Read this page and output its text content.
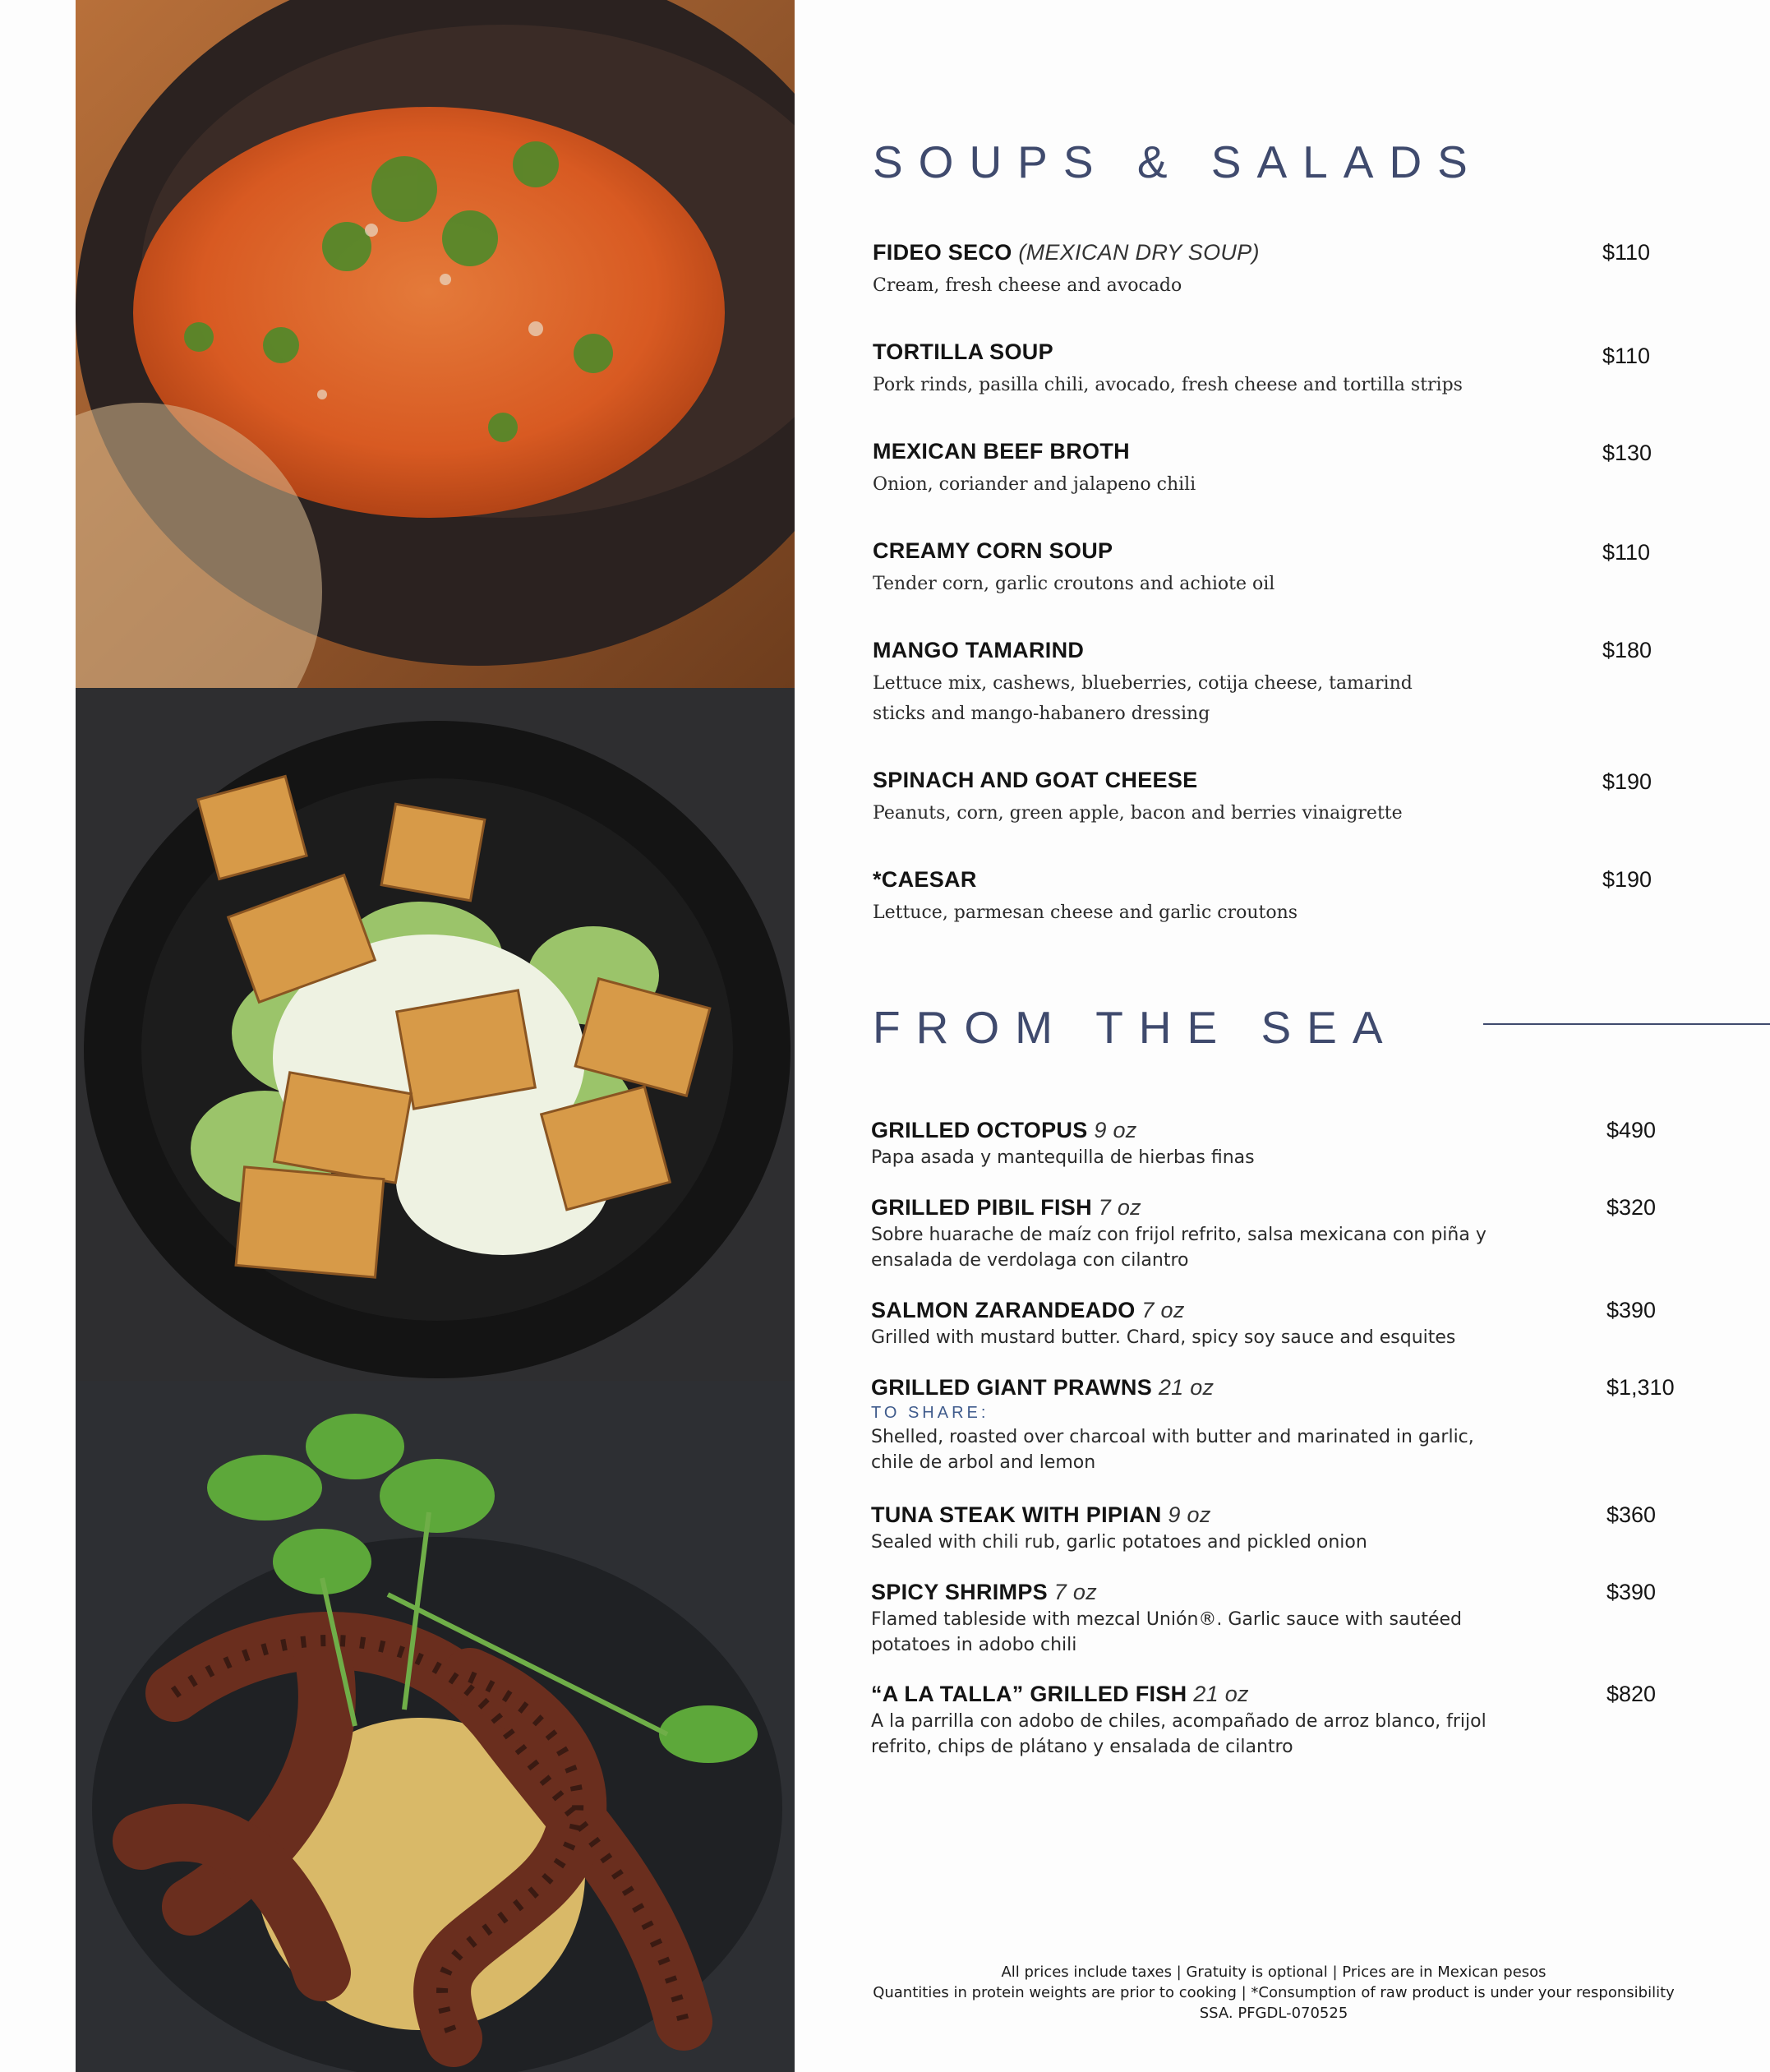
SOUPS & SALADS
FIDEO SECO (MEXICAN DRY SOUP)
Cream, fresh cheese and avocado
$110
TORTILLA SOUP
Pork rinds, pasilla chili, avocado, fresh cheese and tortilla strips
$110
MEXICAN BEEF BROTH
Onion, coriander and jalapeno chili
$130
CREAMY CORN SOUP
Tender corn, garlic croutons and achiote oil
$110
MANGO TAMARIND
Lettuce mix, cashews, blueberries, cotija cheese, tamarind sticks and mango-habanero dressing
$180
SPINACH AND GOAT CHEESE
Peanuts, corn, green apple, bacon and berries vinaigrette
$190
*CAESAR
Lettuce, parmesan cheese and garlic croutons
$190
FROM THE SEA
GRILLED OCTOPUS 9 oz
Papa asada y mantequilla de hierbas finas
$490
GRILLED PIBIL FISH 7 oz
Sobre huarache de maíz con frijol refrito, salsa mexicana con piña y ensalada de verdolaga con cilantro
$320
SALMON ZARANDEADO 7 oz
Grilled with mustard butter. Chard, spicy soy sauce and esquites
$390
GRILLED GIANT PRAWNS 21 oz
TO SHARE:
Shelled, roasted over charcoal with butter and marinated in garlic, chile de arbol and lemon
$1,310
TUNA STEAK WITH PIPIAN 9 oz
Sealed with chili rub, garlic potatoes and pickled onion
$360
SPICY SHRIMPS 7 oz
Flamed tableside with mezcal Unión®. Garlic sauce with sautéed potatoes in adobo chili
$390
“A LA TALLA” GRILLED FISH 21 oz
A la parrilla con adobo de chiles, acompañado de arroz blanco, frijol refrito, chips de plátano y ensalada de cilantro
$820
All prices include taxes | Gratuity is optional | Prices are in Mexican pesos
Quantities in protein weights are prior to cooking | *Consumption of raw product is under your responsibility
SSA. PFGDL-070525
